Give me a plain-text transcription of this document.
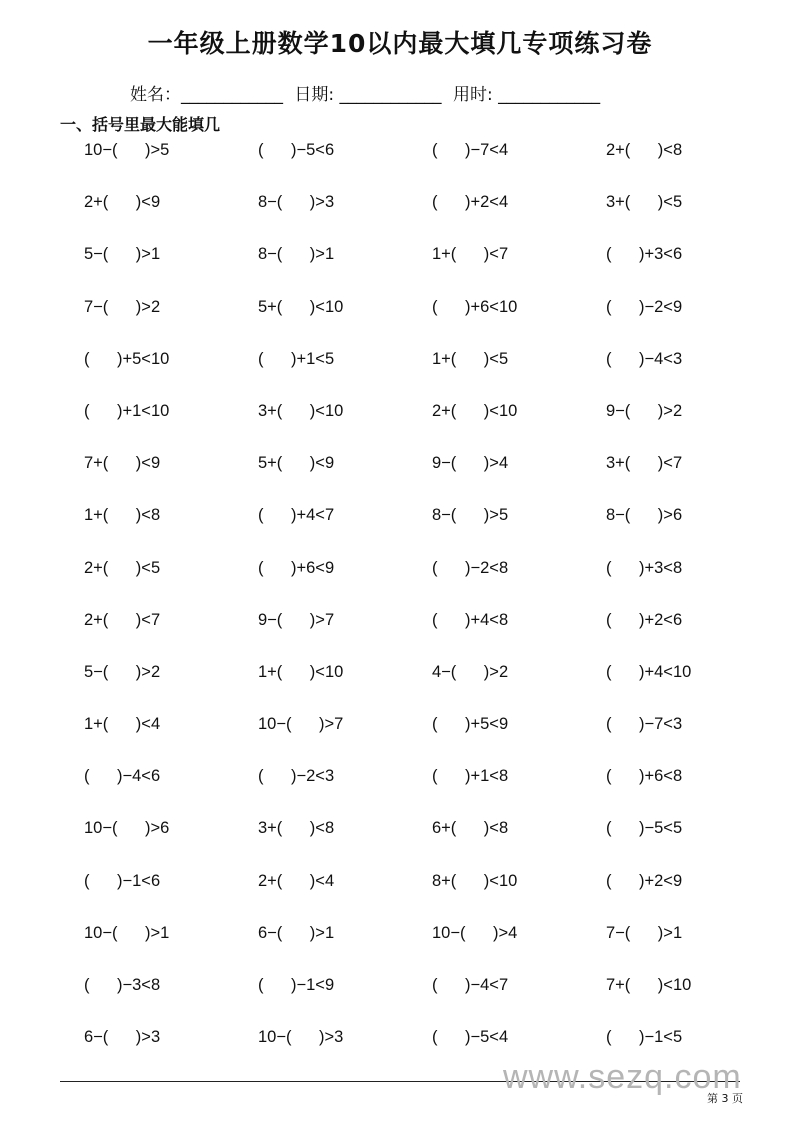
一年级上册数学10以内最大填几专项练习卷
姓名：____________ 日期: ____________ 用时: ____________
一、括号里最大能填几
10−(      )>5	(      )−5<6	(      )−7<4	2+(      )<8
2+(      )<9	8−(      )>3	(      )+2<4	3+(      )<5
5−(      )>1	8−(      )>1	1+(      )<7	(      )+3<6
7−(      )>2	5+(      )<10	(      )+6<10	(      )−2<9
(      )+5<10	(      )+1<5	1+(      )<5	(      )−4<3
(      )+1<10	3+(      )<10	2+(      )<10	9−(      )>2
7+(      )<9	5+(      )<9	9−(      )>4	3+(      )<7
1+(      )<8	(      )+4<7	8−(      )>5	8−(      )>6
2+(      )<5	(      )+6<9	(      )−2<8	(      )+3<8
2+(      )<7	9−(      )>7	(      )+4<8	(      )+2<6
5−(      )>2	1+(      )<10	4−(      )>2	(      )+4<10
1+(      )<4	10−(      )>7	(      )+5<9	(      )−7<3
(      )−4<6	(      )−2<3	(      )+1<8	(      )+6<8
10−(      )>6	3+(      )<8	6+(      )<8	(      )−5<5
(      )−1<6	2+(      )<4	8+(      )<10	(      )+2<9
10−(      )>1	6−(      )>1	10−(      )>4	7−(      )>1
(      )−3<8	(      )−1<9	(      )−4<7	7+(      )<10
6−(      )>3	10−(      )>3	(      )−5<4	(      )−1<5
www.sezq.com
第 3 页
